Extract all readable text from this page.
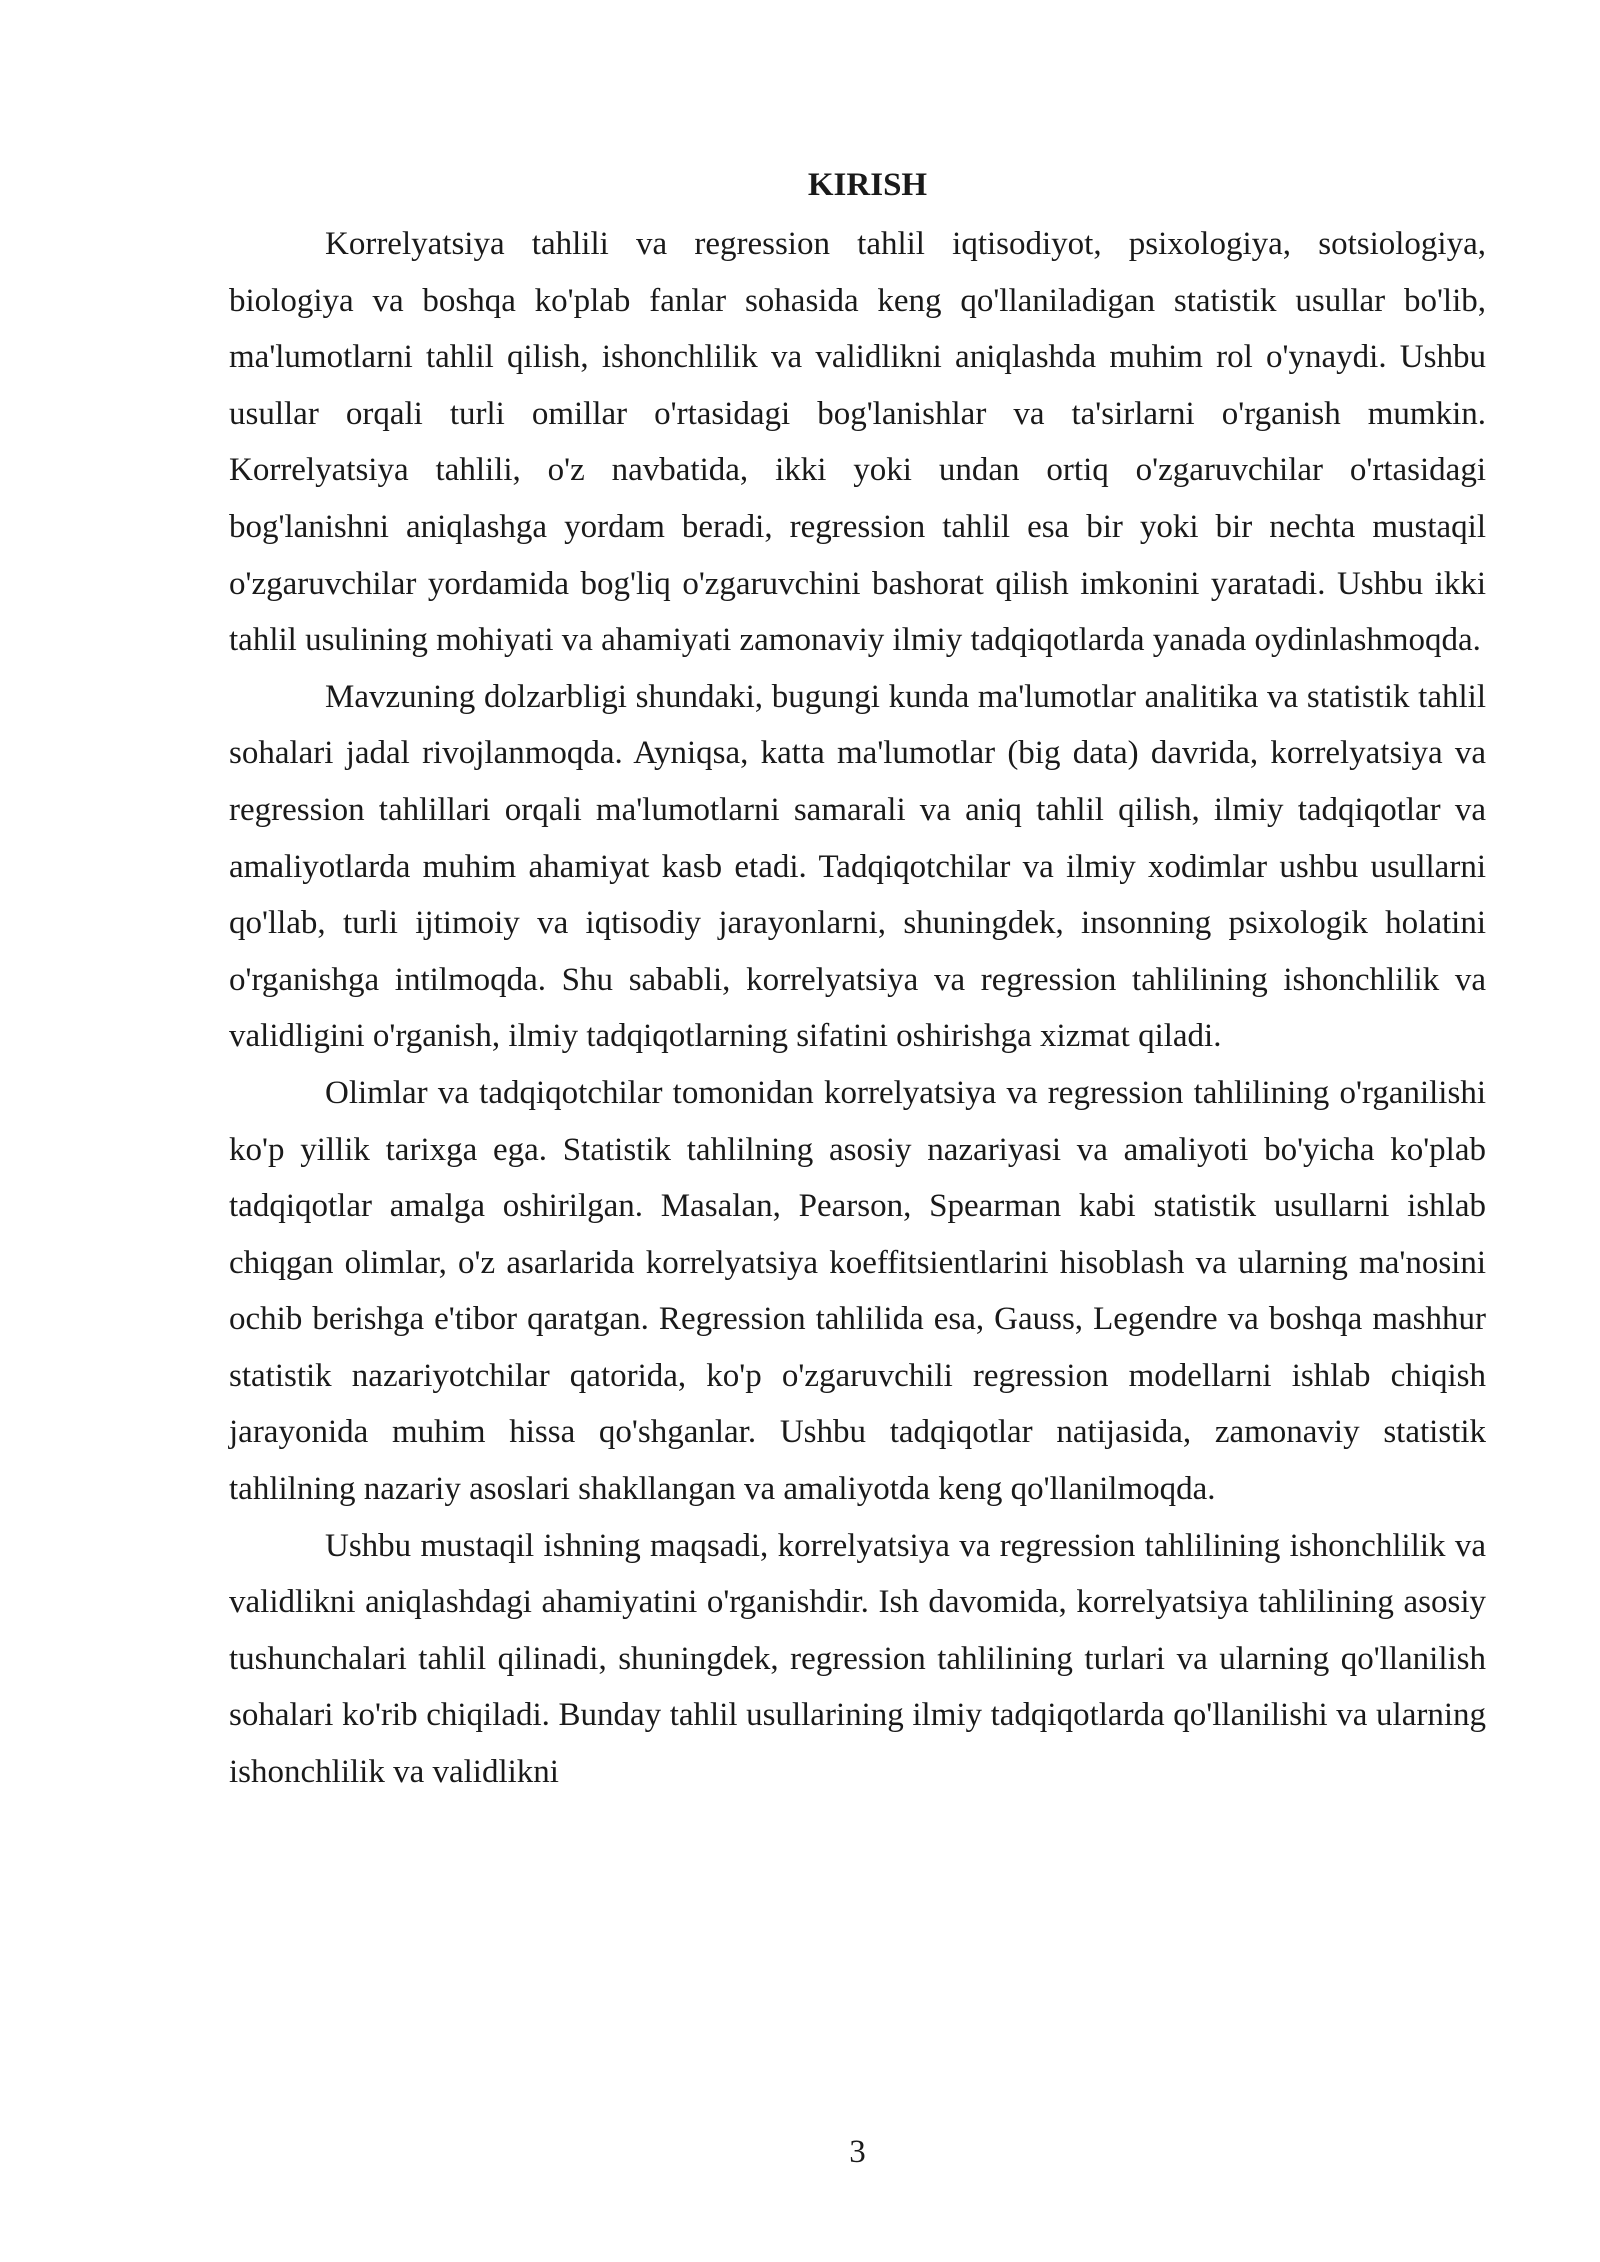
KIRISH

Korrelyatsiya tahlili va regression tahlil iqtisodiyot, psixologiya, sotsiologiya, biologiya va boshqa ko'plab fanlar sohasida keng qo'llaniladigan statistik usullar bo'lib, ma'lumotlarni tahlil qilish, ishonchlilik va validlikni aniqlashda muhim rol o'ynaydi. Ushbu usullar orqali turli omillar o'rtasidagi bog'lanishlar va ta'sirlarni o'rganish mumkin. Korrelyatsiya tahlili, o'z navbatida, ikki yoki undan ortiq o'zgaruvchilar o'rtasidagi bog'lanishni aniqlashga yordam beradi, regression tahlil esa bir yoki bir nechta mustaqil o'zgaruvchilar yordamida bog'liq o'zgaruvchini bashorat qilish imkonini yaratadi. Ushbu ikki tahlil usulining mohiyati va ahamiyati zamonaviy ilmiy tadqiqotlarda yanada oydinlashmoqda.

Mavzuning dolzarbligi shundaki, bugungi kunda ma'lumotlar analitika va statistik tahlil sohalari jadal rivojlanmoqda. Ayniqsa, katta ma'lumotlar (big data) davrida, korrelyatsiya va regression tahlillari orqali ma'lumotlarni samarali va aniq tahlil qilish, ilmiy tadqiqotlar va amaliyotlarda muhim ahamiyat kasb etadi. Tadqiqotchilar va ilmiy xodimlar ushbu usullarni qo'llab, turli ijtimoiy va iqtisodiy jarayonlarni, shuningdek, insonning psixologik holatini o'rganishga intilmoqda. Shu sababli, korrelyatsiya va regression tahlilining ishonchlilik va validligini o'rganish, ilmiy tadqiqotlarning sifatini oshirishga xizmat qiladi.

Olimlar va tadqiqotchilar tomonidan korrelyatsiya va regression tahlilining o'rganilishi ko'p yillik tarixga ega. Statistik tahlilning asosiy nazariyasi va amaliyoti bo'yicha ko'plab tadqiqotlar amalga oshirilgan. Masalan, Pearson, Spearman kabi statistik usullarni ishlab chiqgan olimlar, o'z asarlarida korrelyatsiya koeffitsientlarini hisoblash va ularning ma'nosini ochib berishga e'tibor qaratgan. Regression tahlilida esa, Gauss, Legendre va boshqa mashhur statistik nazariyotchilar qatorida, ko'p o'zgaruvchili regression modellarni ishlab chiqish jarayonida muhim hissa qo'shganlar. Ushbu tadqiqotlar natijasida, zamonaviy statistik tahlilning nazariy asoslari shakllangan va amaliyotda keng qo'llanilmoqda.

Ushbu mustaqil ishning maqsadi, korrelyatsiya va regression tahlilining ishonchlilik va validlikni aniqlashdagi ahamiyatini o'rganishdir. Ish davomida, korrelyatsiya tahlilining asosiy tushunchalari tahlil qilinadi, shuningdek, regression tahlilining turlari va ularning qo'llanilish sohalari ko'rib chiqiladi. Bunday tahlil usullarining ilmiy tadqiqotlarda qo'llanilishi va ularning ishonchlilik va validlikni

3
